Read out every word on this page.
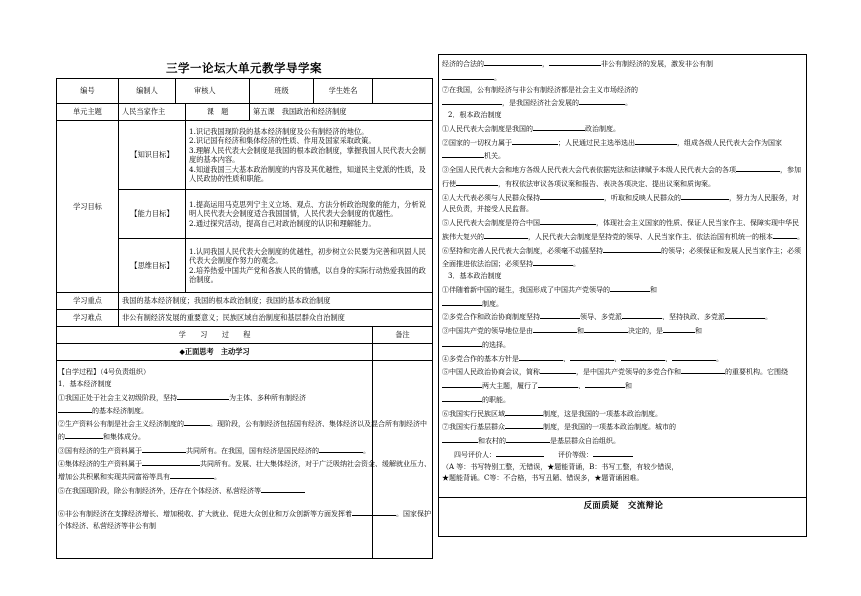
三学一论坛大单元教学导学案
编号	编制人	审核人		班级	学生姓名	
单元主题	人民当家作主		课　题	第五课　我国政治和经济制度		
学习目标	【知识目标】		1.识记我国现阶段的基本经济制度及公有制经济的地位。
2.识记国有经济和集体经济的性质、作用及国家采取政策。
3.理解人民代表大会制度是我国的根本政治制度，掌握我国人民代表大会制度的基本内容。
4.知道我国三大基本政治制度的内容及其优越性，知道民主党派的性质，及人民政协的性质和职能。			

	【能力目标】		1.提高运用马克思列宁主义立场、观点、方法分析政治现象的能力，分析说明人民代表大会制度适合我国国情，人民代表大会制度的优越性。
2.通过探究活动，提高自己对政治制度的认识和理解能力。			

	【思维目标】		1.认同我国人民代表大会制度的优越性，初步树立公民要为完善和巩固人民代表大会制度作努力的观念。
2.培养热爱中国共产党和各族人民的情感，以自身的实际行动热爱我国的政治制度。			

学习重点	我国的基本经济制度；我国的根本政治制度；我国的基本政治制度					
学习难点	非公有制经济发展的重要意义；民族区域自治制度和基层群众自治制度					
学　　习　　过　　程						备注
◆正面思考　主动学习						

【自学过程】（4号负责组织）

1．基本经济制度

①我国正处于社会主义初级阶段，坚持	为主体、多种所有制经济
的基本经济制度。

②生产资料公有制是社会主义经济制度的	。现阶段，公有制经济包括国有经济、集体经济以及混合所有制经济中的	和集体成分。

③国有经济的生产资料属于	共同所有。在我国，国有经济是国民经济的	。

④集体经济的生产资料属于	共同所有。发展、壮大集体经济，对于广泛吸纳社会资金、缓解就业压力、增加公共积累和实现共同富裕等具有	。

⑤在我国现阶段，除公有制经济外，还存在个体经济、私营经济等

⑥非公有制经济在支撑经济增长、增加税收、扩大就业、促进大众创业和万众创新等方面发挥着	。国家保护个体经济、私营经济等非公有制

经济的合法的	，	非公有制经济的发展，激发非公有制
。

⑦在我国，公有制经济与非公有制经济都是社会主义市场经济的
，是我国经济社会发展的	。

2．根本政治制度

①人民代表大会制度是我国的	政治制度。

②国家的一切权力属于	；人民通过民主选举选出	，组成各级人民代表大会作为国家机关。

③全国人民代表大会和地方各级人民代表大会代表依据宪法和法律赋予本级人民代表大会的各项	，参加行使	，有权依法审议各项议案和报告、表决各项决定、提出议案和质询案。

④人大代表必须与人民群众保持	，听取和反映人民群众的	，努力为人民服务，对人民负责，并接受人民监督。

⑤人民代表大会制度是符合中国	，体现社会主义国家的性质、保证人民当家作主、保障实现中华民族伟大复兴的	，人民代表大会制度是坚持党的领导、人民当家作主、依法治国有机统一的根本	。

⑥坚持和完善人民代表大会制度，必须毫不动摇坚持	的领导；必须保证和发展人民当家作主；必须全面推进依法治国；必须坚持	。

3．基本政治制度

①伴随着新中国的诞生，我国形成了中国共产党领导的	和
制度。

②多党合作和政治协商制度坚持	领导、多党派	、坚持执政、多党派	。

③中国共产党的领导地位是由	和	决定的，是	和
的选择。

④多党合作的基本方针是	、	、	、	。

⑤中国人民政治协商会议，简称	，是中国共产党领导的多党合作和	的重要机构。它围绕两大主题，履行了	、	和
的职能。

⑥我国实行民族区域	制度，这是我国的一项基本政治制度。

⑦我国实行基层群众	制度，是我国的一项基本政治制度。城市的
和农村的	是基层群众自治组织。

四号评价人：	评价等级：

（A 等：书写特别工整，无错误，★题能背诵，B：书写工整，有较少错误，

★题能背诵。C等：不合格，书写丑陋、错误多，★题背诵困难。

反面质疑　交流辩论
